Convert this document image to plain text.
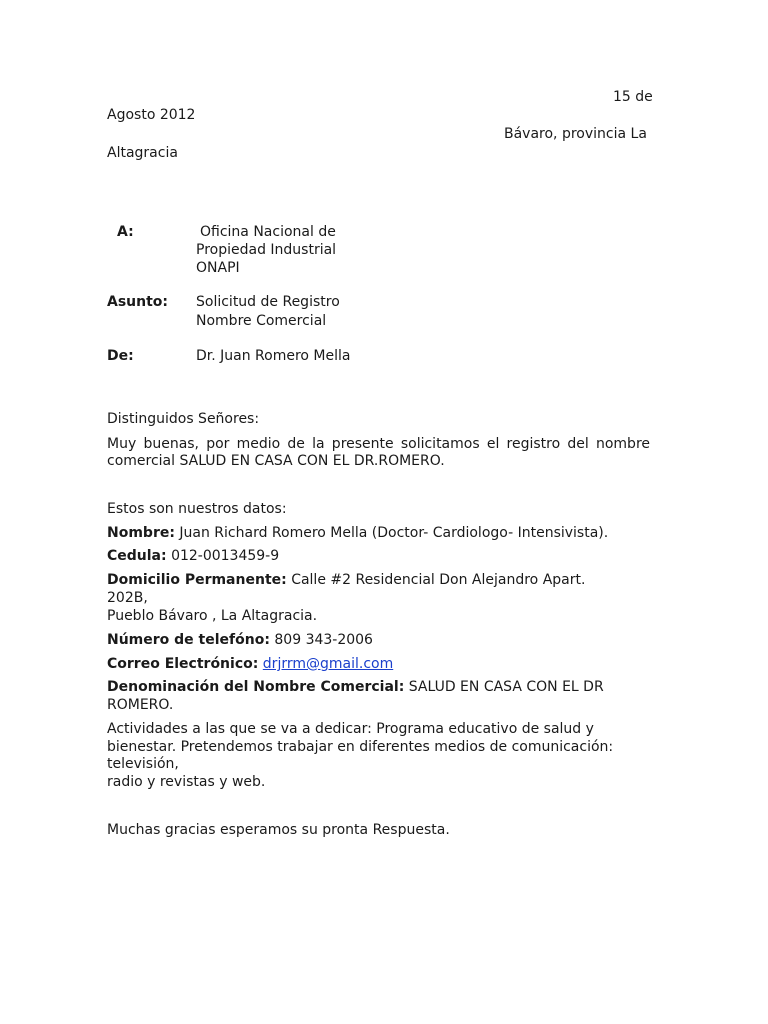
15 de
Agosto 2012
Bávaro, provincia La
Altagracia
A:	Oficina Nacional de
Propiedad Industrial
ONAPI
Asunto: Solicitud de Registro
Nombre Comercial
De:	Dr. Juan Romero Mella
Distinguidos Señores:
Muy buenas, por medio de la presente solicitamos el registro del nombre comercial SALUD EN CASA CON EL DR.ROMERO.
Estos son nuestros datos:
Nombre: Juan Richard Romero Mella (Doctor- Cardiologo- Intensivista).
Cedula: 012-0013459-9
Domicilio Permanente: Calle #2 Residencial Don Alejandro Apart.
202B,
Pueblo Bávaro , La Altagracia.
Número de telefóno: 809 343-2006
Correo Electrónico: drjrrm@gmail.com
Denominación del Nombre Comercial: SALUD EN CASA CON EL DR
ROMERO.
Actividades a las que se va a dedicar: Programa educativo de salud y
bienestar. Pretendemos trabajar en diferentes medios de comunicación:
televisión,
radio y revistas y web.
Muchas gracias esperamos su pronta Respuesta.
